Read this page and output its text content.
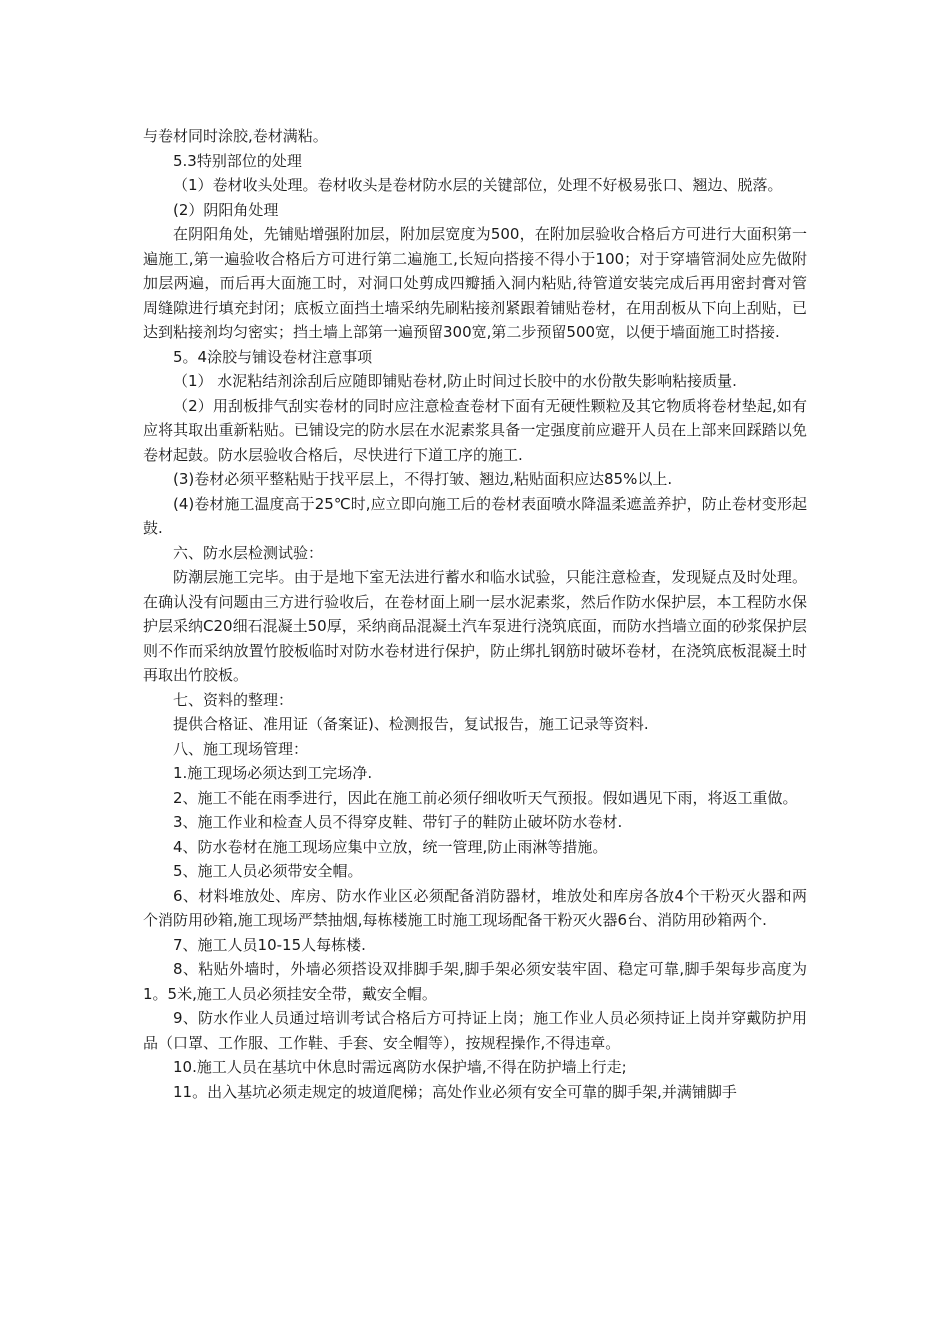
与卷材同时涂胶,卷材满粘。

5.3特别部位的处理

（1）卷材收头处理。卷材收头是卷材防水层的关键部位，处理不好极易张口、翘边、脱落。

(2）阴阳角处理

在阴阳角处，先铺贴增强附加层，附加层宽度为500，在附加层验收合格后方可进行大面积第一遍施工,第一遍验收合格后方可进行第二遍施工,长短向搭接不得小于100；对于穿墙管洞处应先做附加层两遍，而后再大面施工时，对洞口处剪成四瓣插入洞内粘贴,待管道安装完成后再用密封膏对管周缝隙进行填充封闭；底板立面挡土墙采纳先刷粘接剂紧跟着铺贴卷材，在用刮板从下向上刮贴，已达到粘接剂均匀密实；挡土墙上部第一遍预留300宽,第二步预留500宽，以便于墙面施工时搭接.

5。4涂胶与铺设卷材注意事项

（1） 水泥粘结剂涂刮后应随即铺贴卷材,防止时间过长胶中的水份散失影响粘接质量.

（2）用刮板排气刮实卷材的同时应注意检查卷材下面有无硬性颗粒及其它物质将卷材垫起,如有应将其取出重新粘贴。已铺设完的防水层在水泥素浆具备一定强度前应避开人员在上部来回踩踏以免卷材起鼓。防水层验收合格后，尽快进行下道工序的施工.

(3)卷材必须平整粘贴于找平层上，不得打皱、翘边,粘贴面积应达85%以上.

(4)卷材施工温度高于25℃时,应立即向施工后的卷材表面喷水降温柔遮盖养护，防止卷材变形起鼓.

六、防水层检测试验：

防潮层施工完毕。由于是地下室无法进行蓄水和临水试验，只能注意检查，发现疑点及时处理。在确认没有问题由三方进行验收后，在卷材面上刷一层水泥素浆，然后作防水保护层，本工程防水保护层采纳C20细石混凝土50厚，采纳商品混凝土汽车泵进行浇筑底面，而防水挡墙立面的砂浆保护层则不作而采纳放置竹胶板临时对防水卷材进行保护，防止绑扎钢筋时破坏卷材，在浇筑底板混凝土时再取出竹胶板。

七、资料的整理：

提供合格证、准用证（备案证)、检测报告，复试报告，施工记录等资料.

八、施工现场管理：

1.施工现场必须达到工完场净.

2、施工不能在雨季进行，因此在施工前必须仔细收听天气预报。假如遇见下雨，将返工重做。

3、施工作业和检查人员不得穿皮鞋、带钉子的鞋防止破坏防水卷材.

4、防水卷材在施工现场应集中立放，统一管理,防止雨淋等措施。

5、施工人员必须带安全帽。

6、材料堆放处、库房、防水作业区必须配备消防器材，堆放处和库房各放4个干粉灭火器和两个消防用砂箱,施工现场严禁抽烟,每栋楼施工时施工现场配备干粉灭火器6台、消防用砂箱两个.

7、施工人员10-15人每栋楼.

8、粘贴外墙时，外墙必须搭设双排脚手架,脚手架必须安装牢固、稳定可靠,脚手架每步高度为1。5米,施工人员必须挂安全带，戴安全帽。

9、防水作业人员通过培训考试合格后方可持证上岗；施工作业人员必须持证上岗并穿戴防护用品（口罩、工作服、工作鞋、手套、安全帽等），按规程操作,不得违章。

10.施工人员在基坑中休息时需远离防水保护墙,不得在防护墙上行走;

11。出入基坑必须走规定的坡道爬梯；高处作业必须有安全可靠的脚手架,并满铺脚手
